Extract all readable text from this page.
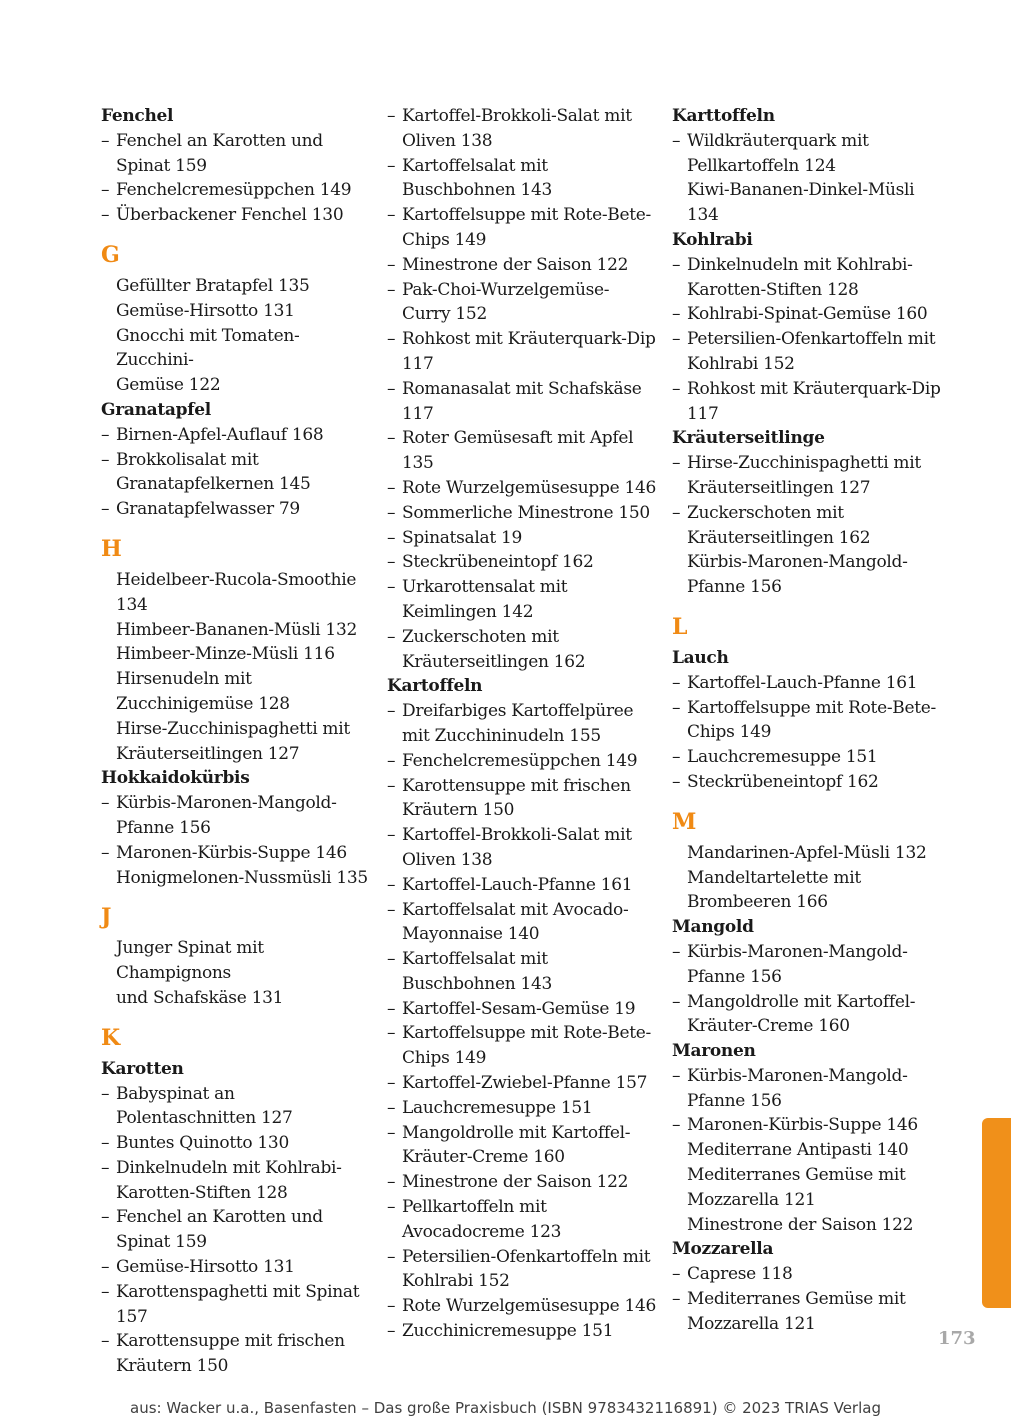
Fenchel
– Fenchel an Karotten und
Spinat 159
– Fenchelcremesüppchen 149
– Überbackener Fenchel 130
G
Gefüllter Bratapfel 135
Gemüse-Hirsotto 131
Gnocchi mit Tomaten-Zucchini-
Gemüse 122
Granatapfel
– Birnen-Apfel-Auflauf 168
– Brokkolisalat mit
Granatapfelkernen 145
– Granatapfelwasser 79
H
Heidelbeer-Rucola-Smoothie
134
Himbeer-Bananen-Müsli 132
Himbeer-Minze-Müsli 116
Hirsenudeln mit
Zucchinigemüse 128
Hirse-Zucchinispaghetti mit
Kräuterseitlingen 127
Hokkaidokürbis
– Kürbis-Maronen-Mangold-
Pfanne 156
– Maronen-Kürbis-Suppe 146
Honigmelonen-Nussmüsli 135
J
Junger Spinat mit Champignons
und Schafskäse 131
K
Karotten
– Babyspinat an
Polentaschnitten 127
– Buntes Quinotto 130
– Dinkelnudeln mit Kohlrabi-
Karotten-Stiften 128
– Fenchel an Karotten und
Spinat 159
– Gemüse-Hirsotto 131
– Karottenspaghetti mit Spinat
157
– Karottensuppe mit frischen
Kräutern 150
– Kartoffel-Brokkoli-Salat mit
Oliven 138
– Kartoffelsalat mit
Buschbohnen 143
– Kartoffelsuppe mit Rote-Bete-
Chips 149
– Minestrone der Saison 122
– Pak-Choi-Wurzelgemüse-
Curry 152
– Rohkost mit Kräuterquark-Dip
117
– Romanasalat mit Schafskäse
117
– Roter Gemüsesaft mit Apfel
135
– Rote Wurzelgemüsesuppe 146
– Sommerliche Minestrone 150
– Spinatsalat 19
– Steckrübeneintopf 162
– Urkarottensalat mit
Keimlingen 142
– Zuckerschoten mit
Kräuterseitlingen 162
Kartoffeln
– Dreifarbiges Kartoffelpüree
mit Zucchininudeln 155
– Fenchelcremesüppchen 149
– Karottensuppe mit frischen
Kräutern 150
– Kartoffel-Brokkoli-Salat mit
Oliven 138
– Kartoffel-Lauch-Pfanne 161
– Kartoffelsalat mit Avocado-
Mayonnaise 140
– Kartoffelsalat mit
Buschbohnen 143
– Kartoffel-Sesam-Gemüse 19
– Kartoffelsuppe mit Rote-Bete-
Chips 149
– Kartoffel-Zwiebel-Pfanne 157
– Lauchcremesuppe 151
– Mangoldrolle mit Kartoffel-
Kräuter-Creme 160
– Minestrone der Saison 122
– Pellkartoffeln mit
Avocadocreme 123
– Petersilien-Ofenkartoffeln mit
Kohlrabi 152
– Rote Wurzelgemüsesuppe 146
– Zucchinicremesuppe 151
Karttoffeln
– Wildkräuterquark mit
Pellkartoffeln 124
Kiwi-Bananen-Dinkel-Müsli 134
Kohlrabi
– Dinkelnudeln mit Kohlrabi-
Karotten-Stiften 128
– Kohlrabi-Spinat-Gemüse 160
– Petersilien-Ofenkartoffeln mit
Kohlrabi 152
– Rohkost mit Kräuterquark-Dip
117
Kräuterseitlinge
– Hirse-Zucchinispaghetti mit
Kräuterseitlingen 127
– Zuckerschoten mit
Kräuterseitlingen 162
Kürbis-Maronen-Mangold-
Pfanne 156
L
Lauch
– Kartoffel-Lauch-Pfanne 161
– Kartoffelsuppe mit Rote-Bete-
Chips 149
– Lauchcremesuppe 151
– Steckrübeneintopf 162
M
Mandarinen-Apfel-Müsli 132
Mandeltartelette mit
Brombeeren 166
Mangold
– Kürbis-Maronen-Mangold-
Pfanne 156
– Mangoldrolle mit Kartoffel-
Kräuter-Creme 160
Maronen
– Kürbis-Maronen-Mangold-
Pfanne 156
– Maronen-Kürbis-Suppe 146
Mediterrane Antipasti 140
Mediterranes Gemüse mit
Mozzarella 121
Minestrone der Saison 122
Mozzarella
– Caprese 118
– Mediterranes Gemüse mit
Mozzarella 121
173
aus: Wacker u.a., Basenfasten – Das große Praxisbuch (ISBN 9783432116891) © 2023 TRIAS Verlag
